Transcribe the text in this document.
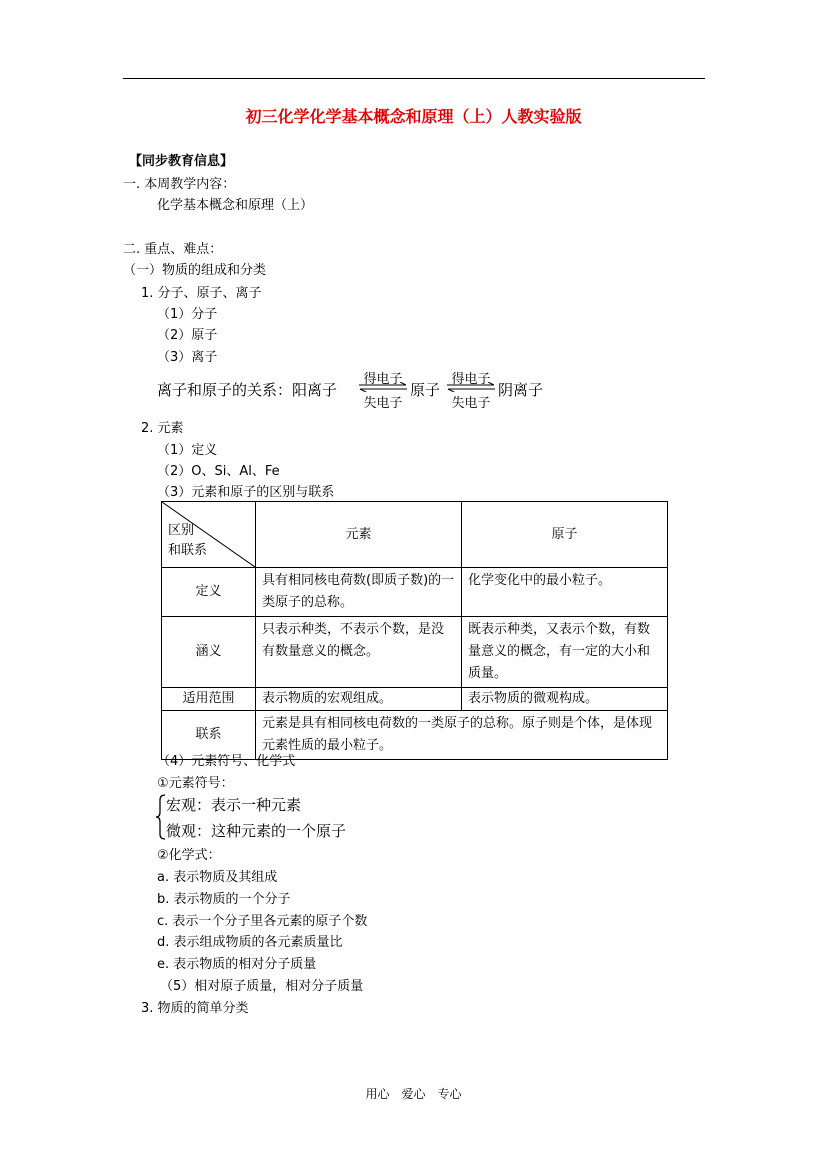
初三化学化学基本概念和原理（上）人教实验版
【同步教育信息】
一. 本周教学内容：
化学基本概念和原理（上）
二. 重点、难点：
（一）物质的组成和分类
1. 分子、原子、离子
（1）分子
（2）原子
（3）离子
离子和原子的关系：阳离子
得电子
失电子
原子
得电子
失电子
阴离子
2. 元素
（1）定义
（2）O、Si、Al、Fe
（3）元素和原子的区别与联系
区别
和联系	元素	原子
定义	具有相同核电荷数(即质子数)的一类原子的总称。	化学变化中的最小粒子。
涵义	只表示种类，不表示个数，是没有数量意义的概念。	既表示种类，又表示个数，有数量意义的概念，有一定的大小和质量。
适用范围	表示物质的宏观组成。	表示物质的微观构成。
联系	元素是具有相同核电荷数的一类原子的总称。原子则是个体，是体现元素性质的最小粒子。	
（4）元素符号、化学式
①元素符号：
宏观：表示一种元素
微观：这种元素的一个原子
②化学式：
a. 表示物质及其组成
b. 表示物质的一个分子
c. 表示一个分子里各元素的原子个数
d. 表示组成物质的各元素质量比
e. 表示物质的相对分子质量
（5）相对原子质量，相对分子质量
3. 物质的简单分类
用心　爱心　专心
